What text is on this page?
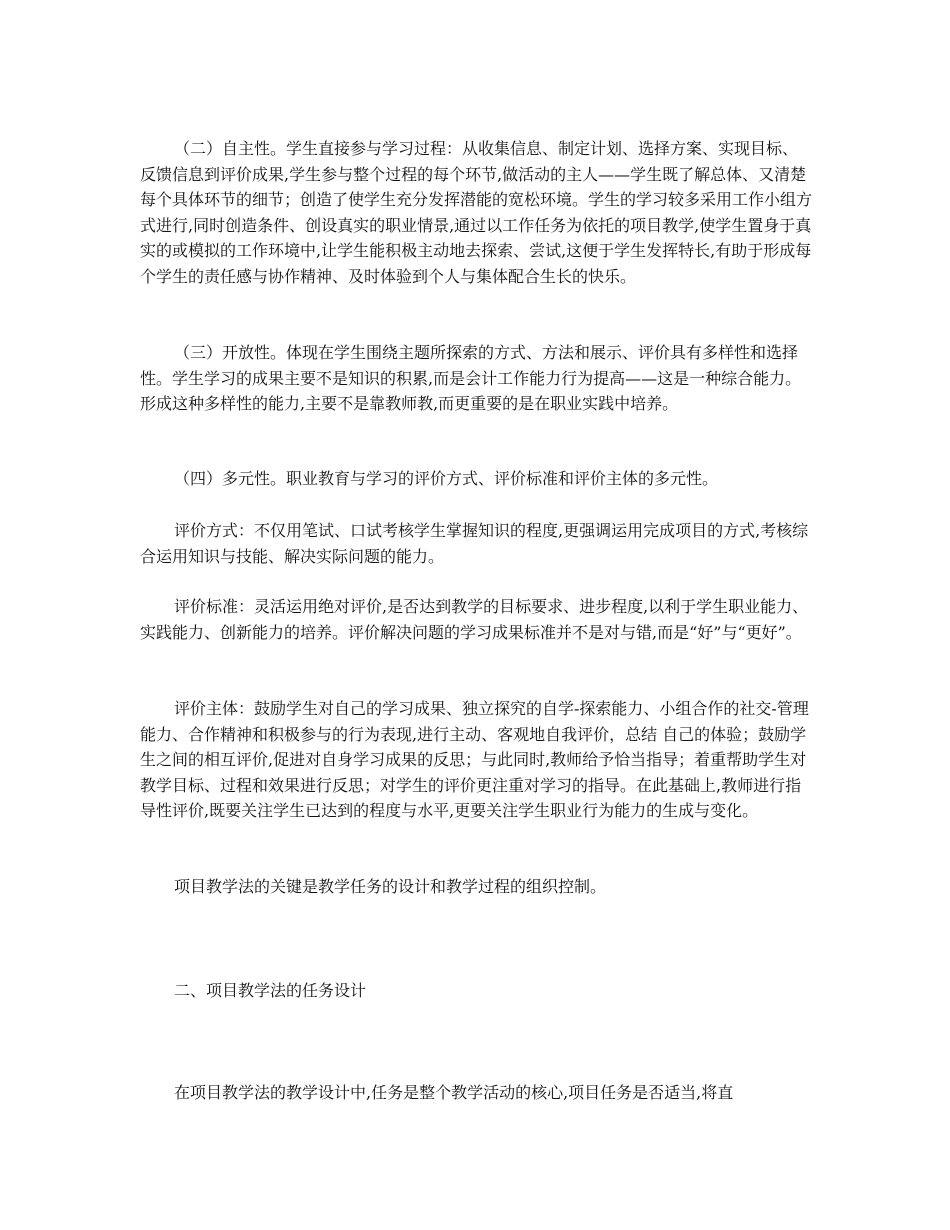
（二）自主性。学生直接参与学习过程：从收集信息、制定计划、选择方案、实现目标、反馈信息到评价成果,学生参与整个过程的每个环节,做活动的主人——学生既了解总体、又清楚每个具体环节的细节；创造了使学生充分发挥潜能的宽松环境。学生的学习较多采用工作小组方式进行,同时创造条件、创设真实的职业情景,通过以工作任务为依托的项目教学,使学生置身于真实的或模拟的工作环境中,让学生能积极主动地去探索、尝试,这便于学生发挥特长,有助于形成每个学生的责任感与协作精神、及时体验到个人与集体配合生长的快乐。

（三）开放性。体现在学生围绕主题所探索的方式、方法和展示、评价具有多样性和选择性。学生学习的成果主要不是知识的积累,而是会计工作能力行为提高——这是一种综合能力。形成这种多样性的能力,主要不是靠教师教,而更重要的是在职业实践中培养。

（四）多元性。职业教育与学习的评价方式、评价标准和评价主体的多元性。

评价方式：不仅用笔试、口试考核学生掌握知识的程度,更强调运用完成项目的方式,考核综合运用知识与技能、解决实际问题的能力。

评价标准：灵活运用绝对评价,是否达到教学的目标要求、进步程度,以利于学生职业能力、实践能力、创新能力的培养。评价解决问题的学习成果标准并不是对与错,而是“好”与“更好”。

评价主体：鼓励学生对自己的学习成果、独立探究的自学-探索能力、小组合作的社交-管理能力、合作精神和积极参与的行为表现,进行主动、客观地自我评价，总结 自己的体验；鼓励学生之间的相互评价,促进对自身学习成果的反思；与此同时,教师给予恰当指导；着重帮助学生对教学目标、过程和效果进行反思；对学生的评价更注重对学习的指导。在此基础上,教师进行指导性评价,既要关注学生已达到的程度与水平,更要关注学生职业行为能力的生成与变化。

项目教学法的关键是教学任务的设计和教学过程的组织控制。

二、项目教学法的任务设计

在项目教学法的教学设计中,任务是整个教学活动的核心,项目任务是否适当,将直
